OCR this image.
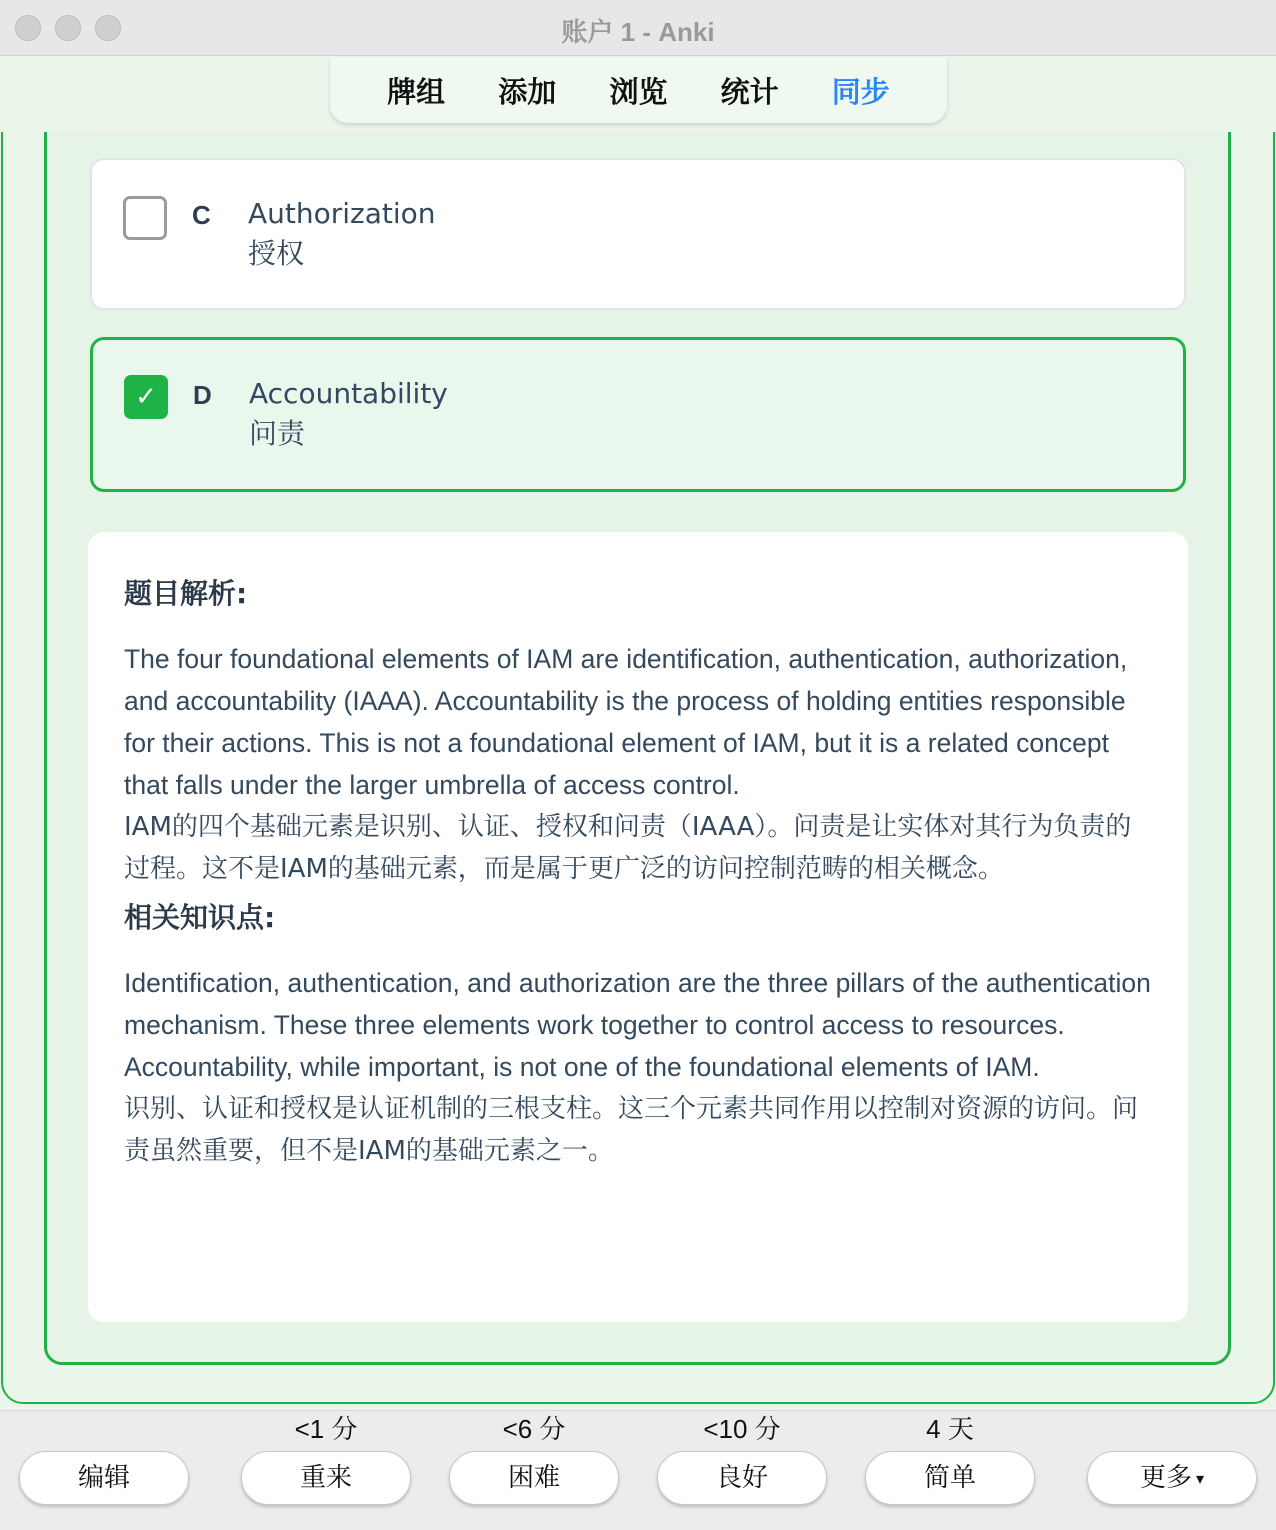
账户 1 - Anki
牌组	添加	浏览	统计	同步
C Authorization
授权
✓ D Accountability
问责
题目解析:

The four foundational elements of IAM are identification, authentication, authorization, and accountability (IAAA). Accountability is the process of holding entities responsible for their actions. This is not a foundational element of IAM, but it is a related concept that falls under the larger umbrella of access control.

IAM的四个基础元素是识别、认证、授权和问责（IAAA）。问责是让实体对其行为负责的过程。这不是IAM的基础元素，而是属于更广泛的访问控制范畴的相关概念。

相关知识点:

Identification, authentication, and authorization are the three pillars of the authentication mechanism. These three elements work together to control access to resources. Accountability, while important, is not one of the foundational elements of IAM.

识别、认证和授权是认证机制的三根支柱。这三个元素共同作用以控制对资源的访问。问责虽然重要，但不是IAM的基础元素之一。

编辑
<1 分
重来
<6 分
困难
<10 分
良好
4 天
简单	更多 ▾
